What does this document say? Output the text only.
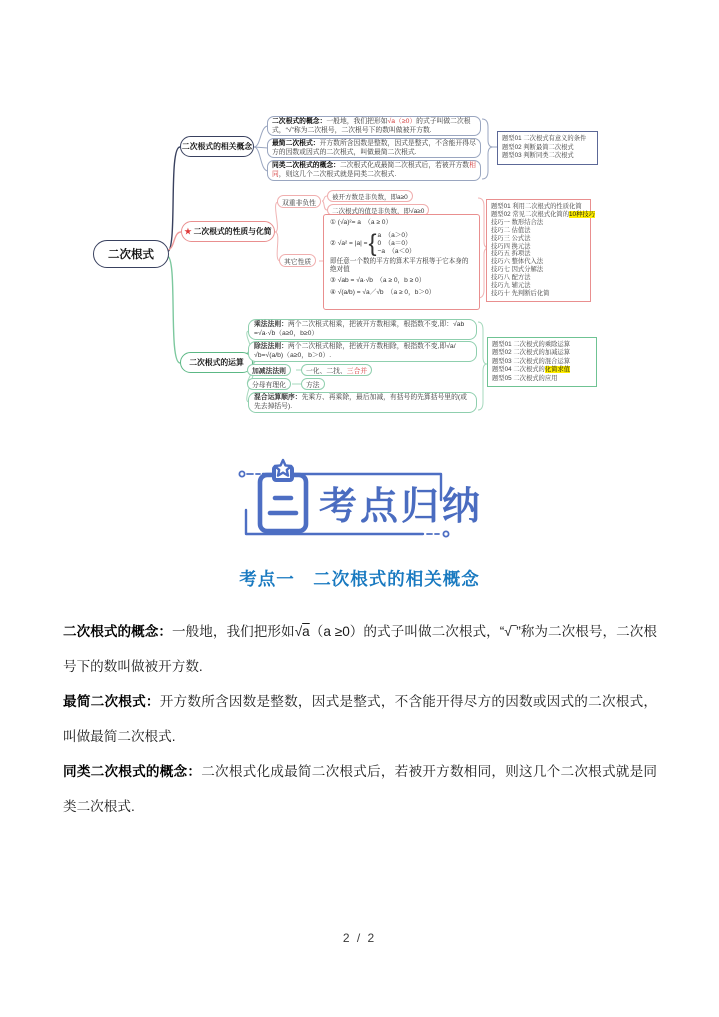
二次根式
二次根式的相关概念
二次根式的概念：一般地，我们把形如√a（≥0）的式子叫做二次根式，“√”称为二次根号，二次根号下的数叫做被开方数.
最简二次根式：开方数所含因数是整数，因式是整式，不含能开得尽方的因数或因式的二次根式，叫做最简二次根式.
同类二次根式的概念：二次根式化成最简二次根式后，若被开方数相同，则这几个二次根式就是同类二次根式.
题型01 二次根式有意义的条件
题型02 判断最简二次根式
题型03 判断同类二次根式
★ 二次根式的性质与化简
双重非负性
被开方数是非负数，即a≥0
二次根式的值是非负数，即√a≥0
其它性质
① (√a)²= a　（a ≥ 0）
② √a² = |a| = { a　（a＞0）
0　（a＝0）
−a　（a＜0）
即任意一个数的平方的算术平方根等于它本身的绝对值
③ √ab = √a·√b　（a ≥ 0，b ≥ 0）
④ √(a/b) = √a／√b　（a ≥ 0，b＞0）
题型01 利用二次根式的性质化简
题型02 常见二次根式化简的10种技巧
技巧一 数形结合法
技巧二 估值法
技巧三 公式法
技巧四 换元法
技巧五 拆项法
技巧六 整体代入法
技巧七 因式分解法
技巧八 配方法
技巧九 辅元法
技巧十 先判断后化简
二次根式的运算
乘法法则：两个二次根式相乘，把被开方数相乘，根指数不变,即：√ab =√a·√b（a≥0，b≥0）
除法法则：两个二次根式相除，把被开方数相除，根指数不变,即√a/√b=√(a/b)（a≥0，b＞0）.
加减法法则	一化、二找、 三合并
分母有理化	方法
混合运算顺序：先乘方、再乘除，最后加减，有括号的先算括号里的(或先去掉括号).
题型01 二次根式的乘除运算
题型02 二次根式的加减运算
题型03 二次根式的混合运算
题型04 二次根式的化简求值
题型05 二次根式的应用
考点归纳
考点一　二次根式的相关概念

二次根式的概念：一般地，我们把形如√a（a ≥0）的式子叫做二次根式，“√‾”称为二次根号，二次根号下的数叫做被开方数.

最简二次根式：开方数所含因数是整数，因式是整式，不含能开得尽方的因数或因式的二次根式，叫做最简二次根式.

同类二次根式的概念：二次根式化成最简二次根式后，若被开方数相同，则这几个二次根式就是同类二次根式.

2 / 2
